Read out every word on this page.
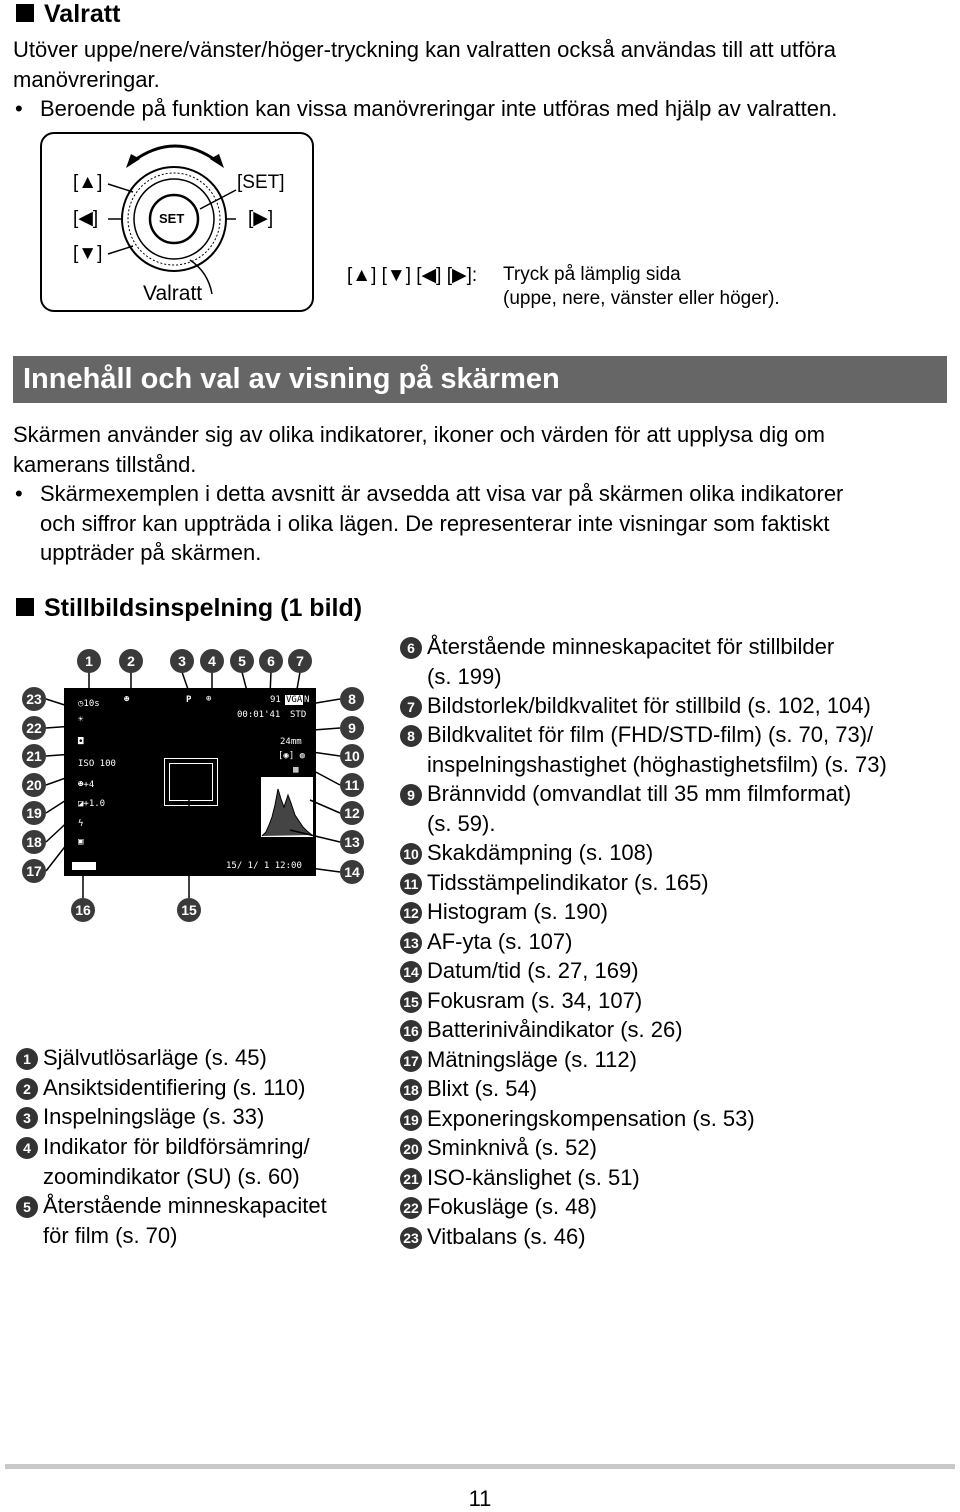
Valratt
Utöver uppe/nere/vänster/höger-tryckning kan valratten också användas till att utföra
manövreringar.
• Beroende på funktion kan vissa manövreringar inte utföras med hjälp av valratten.
[▲]
[◀]
[▼]
[SET]
[▶]
SET
Valratt
[▲] [▼] [◀] [▶]: Tryck på lämplig sida
(uppe, nere, vänster eller höger).
Innehåll och val av visning på skärmen
Skärmen använder sig av olika indikatorer, ikoner och värden för att upplysa dig om
kamerans tillstånd.
• Skärmexemplen i detta avsnitt är avsedda att visa var på skärmen olika indikatorer
och siffror kan uppträda i olika lägen. De representerar inte visningar som faktiskt
uppträder på skärmen.
Stillbildsinspelning (1 bild)
◷10s	☻	P ⊕	91 VGA N
00:01'41 STD
24mm
[◉] ◍
▦
☀
◘
ISO 100
☻+4
◪+1.0
ϟ
▣
15/ 1/ 1 12:00
1	2	3	4	5	6	7
8
9
10
11
12
13
14
15
16
17
18
19
20
21
22
23
1 Självutlösarläge (s. 45)
2 Ansiktsidentifiering (s. 110)
3 Inspelningsläge (s. 33)
4 Indikator för bildförsämring/
zoomindikator (SU) (s. 60)
5 Återstående minneskapacitet
för film (s. 70)
6 Återstående minneskapacitet för stillbilder
(s. 199)
7 Bildstorlek/bildkvalitet för stillbild (s. 102, 104)
8 Bildkvalitet för film (FHD/STD-film) (s. 70, 73)/
inspelningshastighet (höghastighetsfilm) (s. 73)
9 Brännvidd (omvandlat till 35 mm filmformat)
(s. 59).
10 Skakdämpning (s. 108)
11 Tidsstämpelindikator (s. 165)
12 Histogram (s. 190)
13 AF-yta (s. 107)
14 Datum/tid (s. 27, 169)
15 Fokusram (s. 34, 107)
16 Batterinivåindikator (s. 26)
17 Mätningsläge (s. 112)
18 Blixt (s. 54)
19 Exponeringskompensation (s. 53)
20 Sminknivå (s. 52)
21 ISO-känslighet (s. 51)
22 Fokusläge (s. 48)
23 Vitbalans (s. 46)
11
